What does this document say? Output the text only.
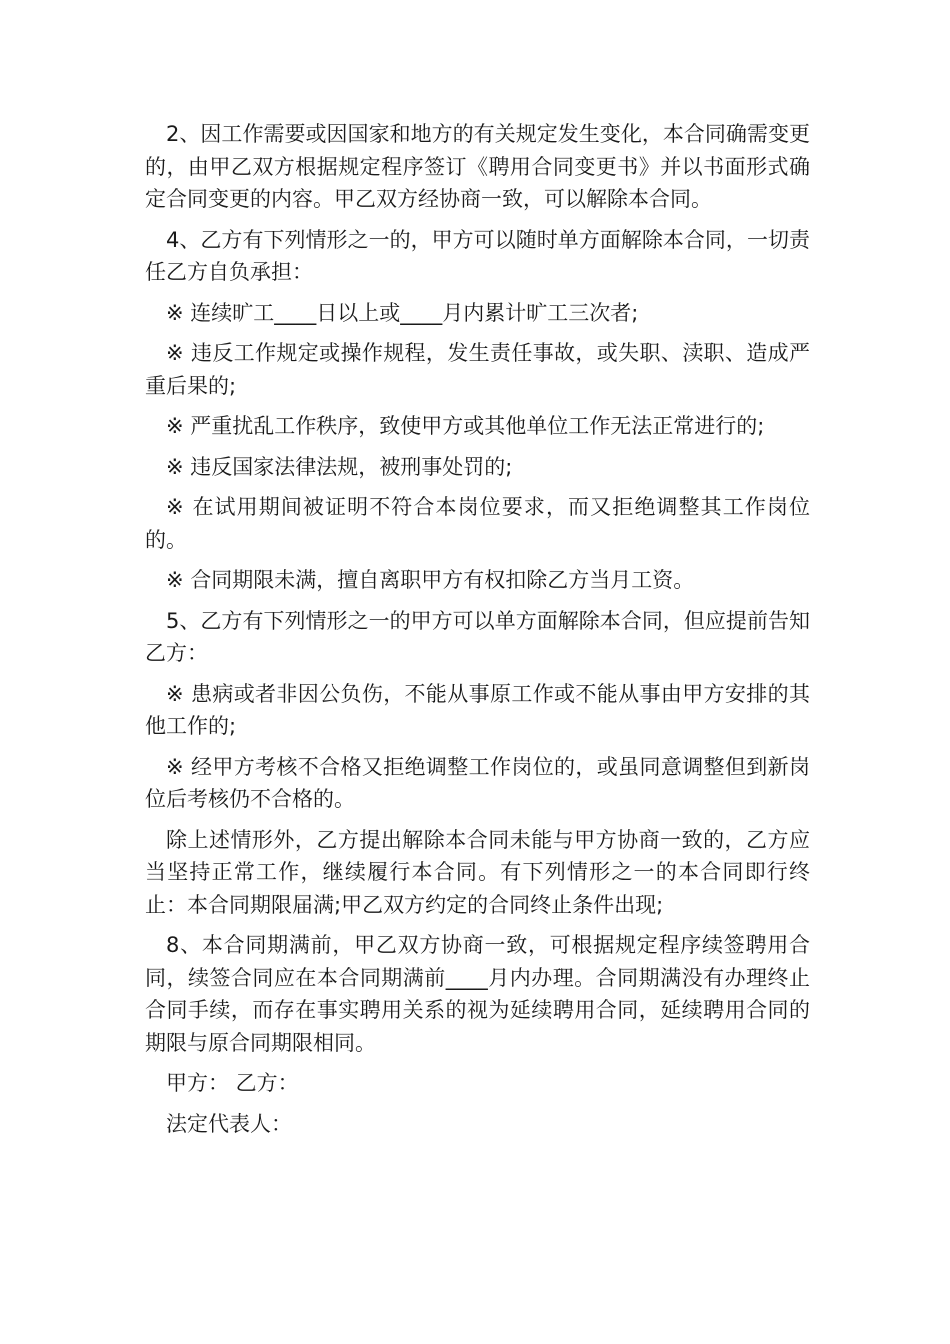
2、因工作需要或因国家和地方的有关规定发生变化，本合同确需变更的，由甲乙双方根据规定程序签订《聘用合同变更书》并以书面形式确定合同变更的内容。甲乙双方经协商一致，可以解除本合同。

4、乙方有下列情形之一的，甲方可以随时单方面解除本合同，一切责任乙方自负承担：

※ 连续旷工____日以上或____月内累计旷工三次者;

※ 违反工作规定或操作规程，发生责任事故，或失职、渎职、造成严重后果的;

※ 严重扰乱工作秩序，致使甲方或其他单位工作无法正常进行的;

※ 违反国家法律法规，被刑事处罚的;

※ 在试用期间被证明不符合本岗位要求，而又拒绝调整其工作岗位的。

※ 合同期限未满，擅自离职甲方有权扣除乙方当月工资。

5、乙方有下列情形之一的甲方可以单方面解除本合同，但应提前告知乙方：

※ 患病或者非因公负伤，不能从事原工作或不能从事由甲方安排的其他工作的;

※ 经甲方考核不合格又拒绝调整工作岗位的，或虽同意调整但到新岗位后考核仍不合格的。

除上述情形外，乙方提出解除本合同未能与甲方协商一致的，乙方应当坚持正常工作，继续履行本合同。有下列情形之一的本合同即行终止：本合同期限届满;甲乙双方约定的合同终止条件出现;

8、本合同期满前，甲乙双方协商一致，可根据规定程序续签聘用合同，续签合同应在本合同期满前____月内办理。合同期满没有办理终止合同手续，而存在事实聘用关系的视为延续聘用合同，延续聘用合同的期限与原合同期限相同。

甲方： 乙方：

法定代表人：
